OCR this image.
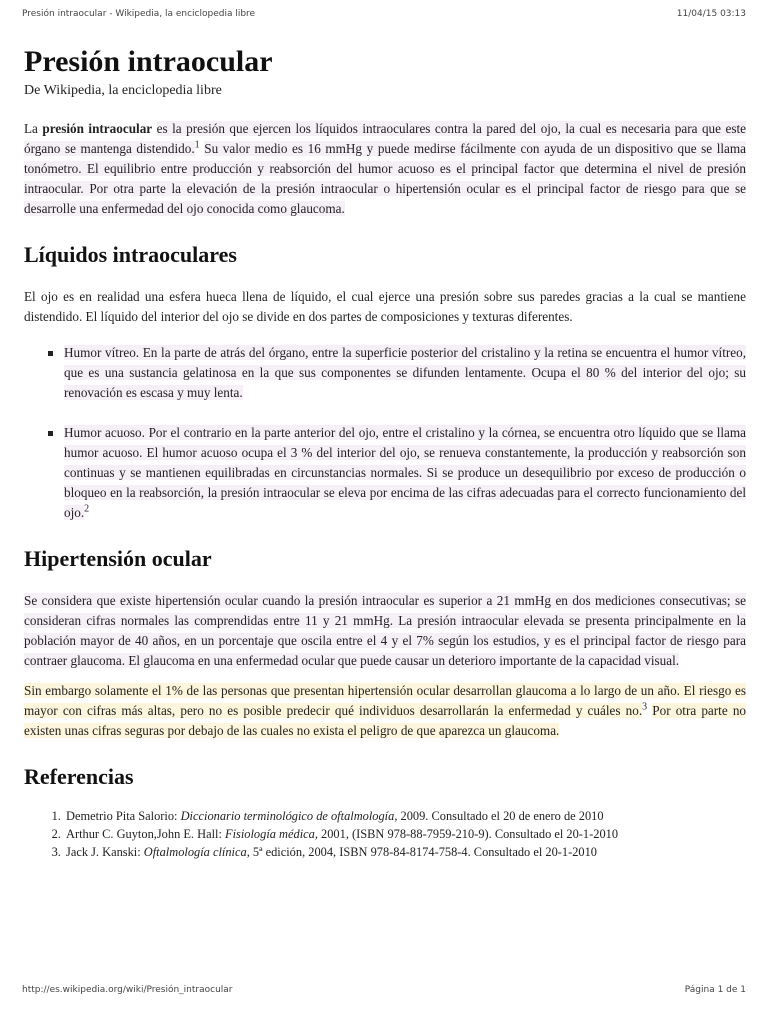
Presión intraocular - Wikipedia, la enciclopedia libre	11/04/15 03:13
Presión intraocular

De Wikipedia, la enciclopedia libre

La presión intraocular es la presión que ejercen los líquidos intraoculares contra la pared del ojo, la cual es necesaria para que este órgano se mantenga distendido.$^1$ Su valor medio es 16 mmHg y puede medirse fácilmente con ayuda de un dispositivo que se llama tonómetro. El equilibrio entre producción y reabsorción del humor acuoso es el principal factor que determina el nivel de presión intraocular. Por otra parte la elevación de la presión intraocular o hipertensión ocular es el principal factor de riesgo para que se desarrolle una enfermedad del ojo conocida como glaucoma.

Líquidos intraoculares

El ojo es en realidad una esfera hueca llena de líquido, el cual ejerce una presión sobre sus paredes gracias a la cual se mantiene distendido. El líquido del interior del ojo se divide en dos partes de composiciones y texturas diferentes.

Humor vítreo. En la parte de atrás del órgano, entre la superficie posterior del cristalino y la retina se encuentra el humor vítreo, que es una sustancia gelatinosa en la que sus componentes se difunden lentamente. Ocupa el 80 % del interior del ojo; su renovación es escasa y muy lenta.
Humor acuoso. Por el contrario en la parte anterior del ojo, entre el cristalino y la córnea, se encuentra otro líquido que se llama humor acuoso. El humor acuoso ocupa el 3 % del interior del ojo, se renueva constantemente, la producción y reabsorción son continuas y se mantienen equilibradas en circunstancias normales. Si se produce un desequilibrio por exceso de producción o bloqueo en la reabsorción, la presión intraocular se eleva por encima de las cifras adecuadas para el correcto funcionamiento del ojo.$^2$
Hipertensión ocular

Se considera que existe hipertensión ocular cuando la presión intraocular es superior a 21 mmHg en dos mediciones consecutivas; se consideran cifras normales las comprendidas entre 11 y 21 mmHg. La presión intraocular elevada se presenta principalmente en la población mayor de 40 años, en un porcentaje que oscila entre el 4 y el 7% según los estudios, y es el principal factor de riesgo para contraer glaucoma. El glaucoma en una enfermedad ocular que puede causar un deterioro importante de la capacidad visual.

Sin embargo solamente el 1% de las personas que presentan hipertensión ocular desarrollan glaucoma a lo largo de un año. El riesgo es mayor con cifras más altas, pero no es posible predecir qué individuos desarrollarán la enfermedad y cuáles no.$^3$ Por otra parte no existen unas cifras seguras por debajo de las cuales no exista el peligro de que aparezca un glaucoma.

Referencias
1. Demetrio Pita Salorio: Diccionario terminológico de oftalmología, 2009. Consultado el 20 de enero de 2010
2. Arthur C. Guyton,John E. Hall: Fisiología médica, 2001, (ISBN 978-88-7959-210-9). Consultado el 20-1-2010
3. Jack J. Kanski: Oftalmología clínica, 5ª edición, 2004, ISBN 978-84-8174-758-4. Consultado el 20-1-2010
http://es.wikipedia.org/wiki/Presión_intraocular	Página 1 de 1
